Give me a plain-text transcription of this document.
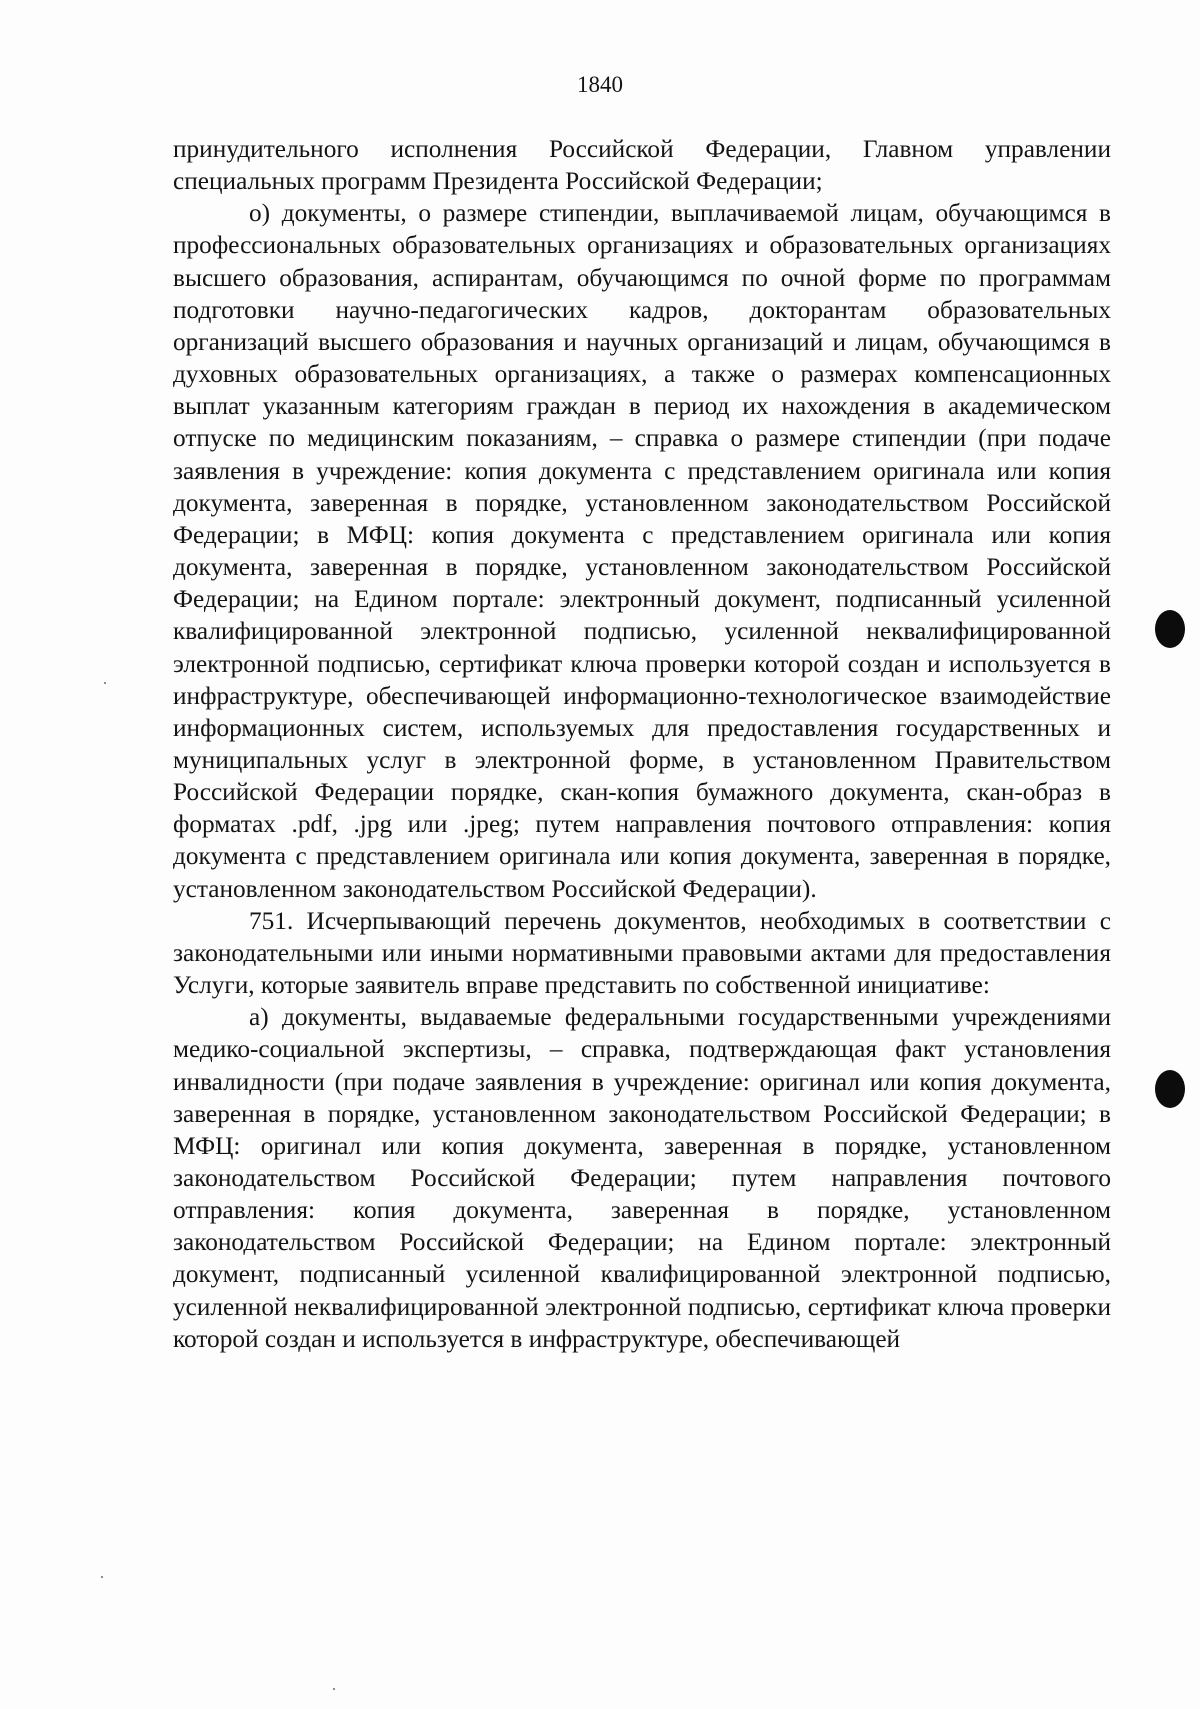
1840

принудительного исполнения Российской Федерации, Главном управлении специальных программ Президента Российской Федерации;

о) документы, о размере стипендии, выплачиваемой лицам, обучающимся в профессиональных образовательных организациях и образовательных организациях высшего образования, аспирантам, обучающимся по очной форме по программам подготовки научно-педагогических кадров, докторантам образовательных организаций высшего образования и научных организаций и лицам, обучающимся в духовных образовательных организациях, а также о размерах компенсационных выплат указанным категориям граждан в период их нахождения в академическом отпуске по медицинским показаниям, – справка о размере стипендии (при подаче заявления в учреждение: копия документа с представлением оригинала или копия документа, заверенная в порядке, установленном законодательством Российской Федерации; в МФЦ: копия документа с представлением оригинала или копия документа, заверенная в порядке, установленном законодательством Российской Федерации; на Едином портале: электронный документ, подписанный усиленной квалифицированной электронной подписью, усиленной неквалифицированной электронной подписью, сертификат ключа проверки которой создан и используется в инфраструктуре, обеспечивающей информационно-технологическое взаимодействие информационных систем, используемых для предоставления государственных и муниципальных услуг в электронной форме, в установленном Правительством Российской Федерации порядке, скан-копия бумажного документа, скан-образ в форматах .pdf, .jpg или .jpeg; путем направления почтового отправления: копия документа с представлением оригинала или копия документа, заверенная в порядке, установленном законодательством Российской Федерации).

751. Исчерпывающий перечень документов, необходимых в соответствии с законодательными или иными нормативными правовыми актами для предоставления Услуги, которые заявитель вправе представить по собственной инициативе:

а) документы, выдаваемые федеральными государственными учреждениями медико-социальной экспертизы, – справка, подтверждающая факт установления инвалидности (при подаче заявления в учреждение: оригинал или копия документа, заверенная в порядке, установленном законодательством Российской Федерации; в МФЦ: оригинал или копия документа, заверенная в порядке, установленном законодательством Российской Федерации; путем направления почтового отправления: копия документа, заверенная в порядке, установленном законодательством Российской Федерации; на Едином портале: электронный документ, подписанный усиленной квалифицированной электронной подписью, усиленной неквалифицированной электронной подписью, сертификат ключа проверки которой создан и используется в инфраструктуре, обеспечивающей
